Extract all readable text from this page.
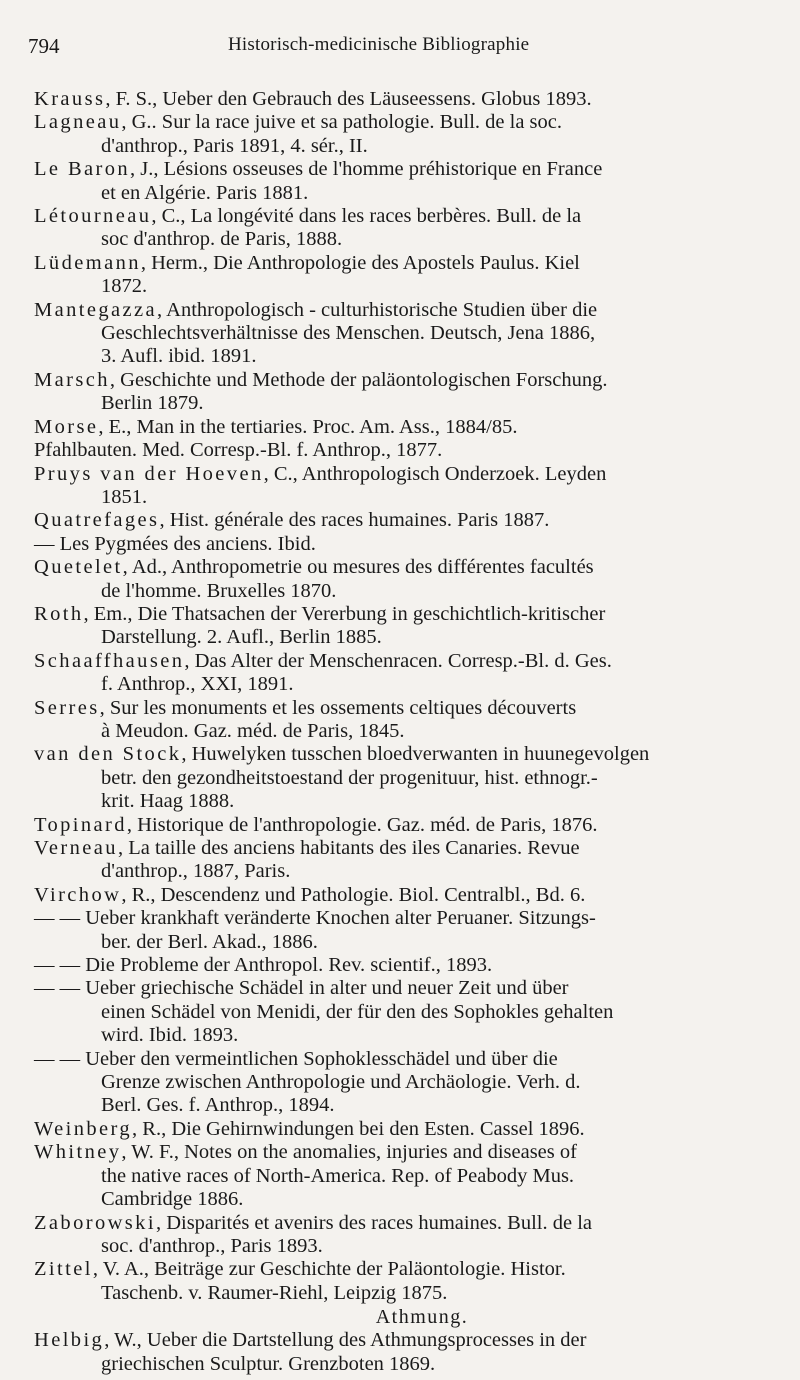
794	Historisch-medicinische Bibliographie
Krauss, F. S., Ueber den Gebrauch des Läuseessens. Globus 1893.
Lagneau, G.. Sur la race juive et sa pathologie. Bull. de la soc.
d'anthrop., Paris 1891, 4. sér., II.
Le Baron, J., Lésions osseuses de l'homme préhistorique en France
et en Algérie. Paris 1881.
Létourneau, C., La longévité dans les races berbères. Bull. de la
soc d'anthrop. de Paris, 1888.
Lüdemann, Herm., Die Anthropologie des Apostels Paulus. Kiel
1872.
Mantegazza, Anthropologisch - culturhistorische Studien über die
Geschlechtsverhältnisse des Menschen. Deutsch, Jena 1886,
3. Aufl. ibid. 1891.
Marsch, Geschichte und Methode der paläontologischen Forschung.
Berlin 1879.
Morse, E., Man in the tertiaries. Proc. Am. Ass., 1884/85.
Pfahlbauten. Med. Corresp.-Bl. f. Anthrop., 1877.
Pruys van der Hoeven, C., Anthropologisch Onderzoek. Leyden
1851.
Quatrefages, Hist. générale des races humaines. Paris 1887.
— Les Pygmées des anciens. Ibid.
Quetelet, Ad., Anthropometrie ou mesures des différentes facultés
de l'homme. Bruxelles 1870.
Roth, Em., Die Thatsachen der Vererbung in geschichtlich-kritischer
Darstellung. 2. Aufl., Berlin 1885.
Schaaffhausen, Das Alter der Menschenracen. Corresp.-Bl. d. Ges.
f. Anthrop., XXI, 1891.
Serres, Sur les monuments et les ossements celtiques découverts
à Meudon. Gaz. méd. de Paris, 1845.
van den Stock, Huwelyken tusschen bloedverwanten in huunegevolgen
betr. den gezondheitstoestand der progenituur, hist. ethnogr.-
krit. Haag 1888.
Topinard, Historique de l'anthropologie. Gaz. méd. de Paris, 1876.
Verneau, La taille des anciens habitants des iles Canaries. Revue
d'anthrop., 1887, Paris.
Virchow, R., Descendenz und Pathologie. Biol. Centralbl., Bd. 6.
— — Ueber krankhaft veränderte Knochen alter Peruaner. Sitzungs-
ber. der Berl. Akad., 1886.
— — Die Probleme der Anthropol. Rev. scientif., 1893.
— — Ueber griechische Schädel in alter und neuer Zeit und über
einen Schädel von Menidi, der für den des Sophokles gehalten
wird. Ibid. 1893.
— — Ueber den vermeintlichen Sophoklesschädel und über die
Grenze zwischen Anthropologie und Archäologie. Verh. d.
Berl. Ges. f. Anthrop., 1894.
Weinberg, R., Die Gehirnwindungen bei den Esten. Cassel 1896.
Whitney, W. F., Notes on the anomalies, injuries and diseases of
the native races of North-America. Rep. of Peabody Mus.
Cambridge 1886.
Zaborowski, Disparités et avenirs des races humaines. Bull. de la
soc. d'anthrop., Paris 1893.
Zittel, V. A., Beiträge zur Geschichte der Paläontologie. Histor.
Taschenb. v. Raumer-Riehl, Leipzig 1875.
Athmung.
Helbig, W., Ueber die Dartstellung des Athmungsprocesses in der
griechischen Sculptur. Grenzboten 1869.
